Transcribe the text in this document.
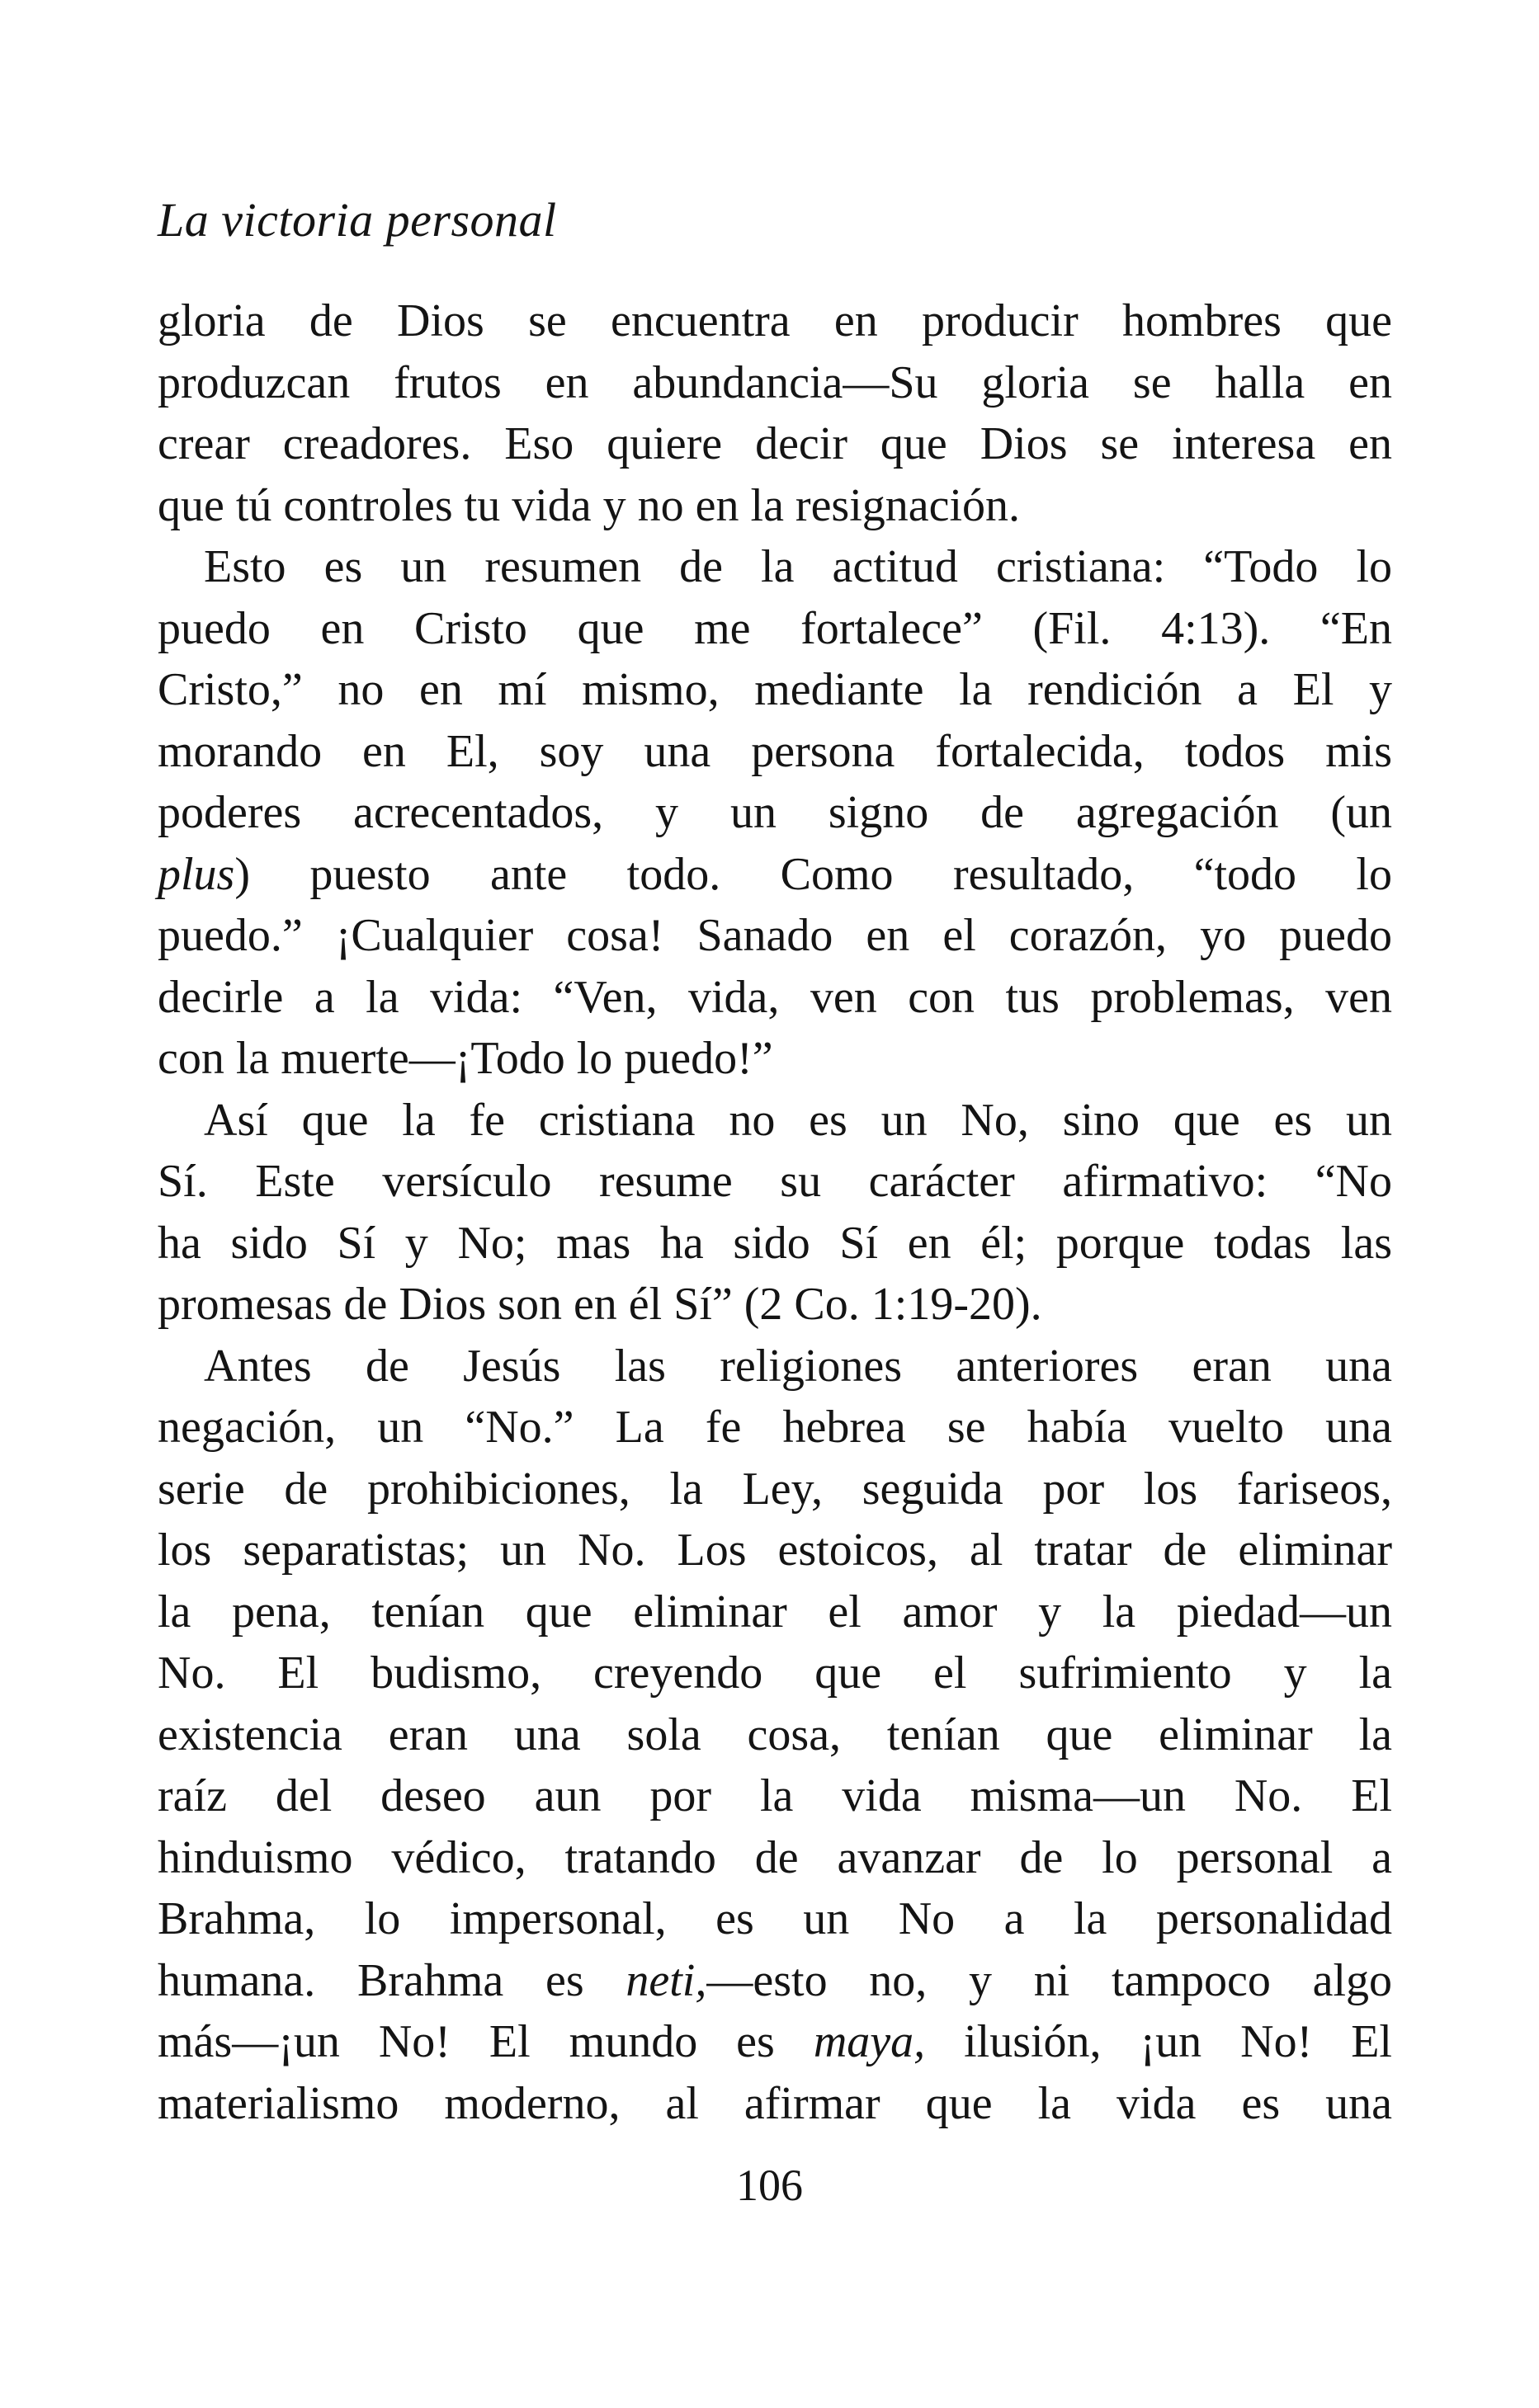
La victoria personal
gloria de Dios se encuentra en producir hombres que
produzcan frutos en abundancia—Su gloria se halla en
crear creadores. Eso quiere decir que Dios se interesa en
que tú controles tu vida y no en la resignación.
Esto es un resumen de la actitud cristiana: “Todo lo
puedo en Cristo que me fortalece” (Fil. 4:13). “En
Cristo,” no en mí mismo, mediante la rendición a El y
morando en El, soy una persona fortalecida, todos mis
poderes acrecentados, y un signo de agregación (un
plus) puesto ante todo. Como resultado, “todo lo
puedo.” ¡Cualquier cosa! Sanado en el corazón, yo puedo
decirle a la vida: “Ven, vida, ven con tus problemas, ven
con la muerte—¡Todo lo puedo!”
Así que la fe cristiana no es un No, sino que es un
Sí. Este versículo resume su carácter afirmativo: “No
ha sido Sí y No; mas ha sido Sí en él; porque todas las
promesas de Dios son en él Sí” (2 Co. 1:19-20).
Antes de Jesús las religiones anteriores eran una
negación, un “No.” La fe hebrea se había vuelto una
serie de prohibiciones, la Ley, seguida por los fariseos,
los separatistas; un No. Los estoicos, al tratar de eliminar
la pena, tenían que eliminar el amor y la piedad—un
No. El budismo, creyendo que el sufrimiento y la
existencia eran una sola cosa, tenían que eliminar la
raíz del deseo aun por la vida misma—un No. El
hinduismo védico, tratando de avanzar de lo personal a
Brahma, lo impersonal, es un No a la personalidad
humana. Brahma es neti,—esto no, y ni tampoco algo
más—¡un No! El mundo es maya, ilusión, ¡un No! El
materialismo moderno, al afirmar que la vida es una
106
